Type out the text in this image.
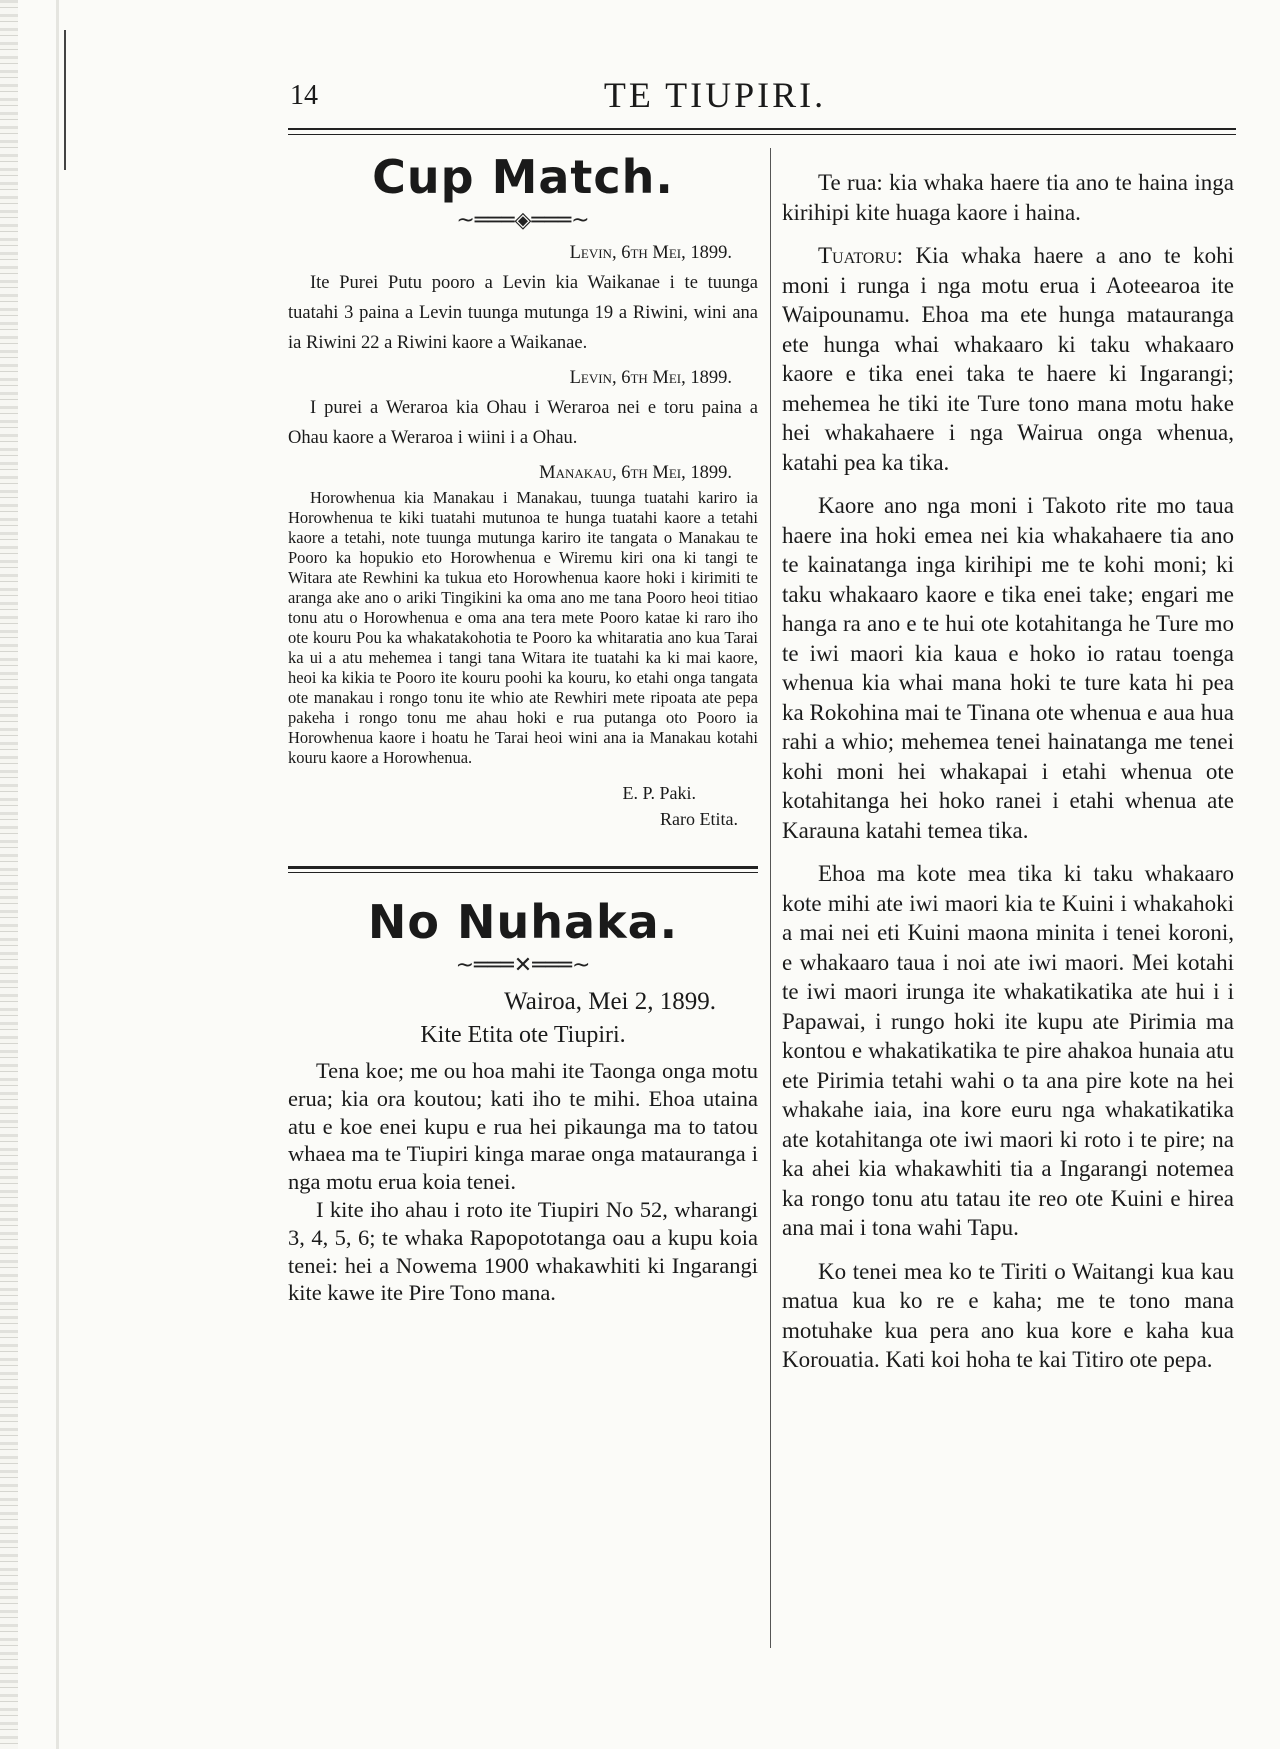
14	TE TIUPIRI.
Cup Match.
~═══◈═══~
Levin, 6th Mei, 1899.

Ite Purei Putu pooro a Levin kia Waikanae i te tuunga tuatahi 3 paina a Levin tuunga mutunga 19 a Riwini, wini ana ia Riwini 22 a Riwini kaore a Waikanae.

Levin, 6th Mei, 1899.

I purei a Weraroa kia Ohau i Weraroa nei e toru paina a Ohau kaore a Weraroa i wiini i a Ohau.

Manakau, 6th Mei, 1899.

Horowhenua kia Manakau i Manakau, tuunga tuatahi kariro ia Horowhenua te kiki tuatahi mutunoa te hunga tuatahi kaore a tetahi kaore a tetahi, note tuunga mutunga kariro ite tangata o Manakau te Pooro ka hopukio eto Horowhenua e Wiremu kiri ona ki tangi te Witara ate Rewhini ka tukua eto Horowhenua kaore hoki i kirimiti te aranga ake ano o ariki Tingikini ka oma ano me tana Pooro heoi titiao tonu atu o Horowhenua e oma ana tera mete Pooro katae ki raro iho ote kouru Pou ka whakatakohotia te Pooro ka whitaratia ano kua Tarai ka ui a atu mehemea i tangi tana Witara ite tuatahi ka ki mai kaore, heoi ka kikia te Pooro ite kouru poohi ka kouru, ko etahi onga tangata ote manakau i rongo tonu ite whio ate Rewhiri mete ripoata ate pepa pakeha i rongo tonu me ahau hoki e rua putanga oto Pooro ia Horowhenua kaore i hoatu he Tarai heoi wini ana ia Manakau kotahi kouru kaore a Horowhenua.

E. P. Paki.
Raro Etita.
No Nuhaka.
~═══✕═══~
Wairoa, Mei 2, 1899.
Kite Etita ote Tiupiri.

Tena koe; me ou hoa mahi ite Taonga onga motu erua; kia ora koutou; kati iho te mihi. Ehoa utaina atu e koe enei kupu e rua hei pikaunga ma to tatou whaea ma te Tiupiri kinga marae onga matauranga i nga motu erua koia tenei.

I kite iho ahau i roto ite Tiupiri No 52, wharangi 3, 4, 5, 6; te whaka Rapopototanga oau a kupu koia tenei: hei a Nowema 1900 whakawhiti ki Ingarangi kite kawe ite Pire Tono mana.

Te rua: kia whaka haere tia ano te haina inga kirihipi kite huaga kaore i haina.

Tuatoru: Kia whaka haere a ano te kohi moni i runga i nga motu erua i Aoteearoa ite Waipounamu. Ehoa ma ete hunga matauranga ete hunga whai whakaaro ki taku whakaaro kaore e tika enei taka te haere ki Ingarangi; mehemea he tiki ite Ture tono mana motu hake hei whakahaere i nga Wairua onga whenua, katahi pea ka tika.

Kaore ano nga moni i Takoto rite mo taua haere ina hoki emea nei kia whakahaere tia ano te kainatanga inga kirihipi me te kohi moni; ki taku whakaaro kaore e tika enei take; engari me hanga ra ano e te hui ote kotahitanga he Ture mo te iwi maori kia kaua e hoko io ratau toenga whenua kia whai mana hoki te ture kata hi pea ka Rokohina mai te Tinana ote whenua e aua hua rahi a whio; mehemea tenei hainatanga me tenei kohi moni hei whakapai i etahi whenua ote kotahitanga hei hoko ranei i etahi whenua ate Karauna katahi temea tika.

Ehoa ma kote mea tika ki taku whakaaro kote mihi ate iwi maori kia te Kuini i whakahoki a mai nei eti Kuini maona minita i tenei koroni, e whakaaro taua i noi ate iwi maori. Mei kotahi te iwi maori irunga ite whakatikatika ate hui i i Papawai, i rungo hoki ite kupu ate Pirimia ma kontou e whakatikatika te pire ahakoa hunaia atu ete Pirimia tetahi wahi o ta ana pire kote na hei whakahe iaia, ina kore euru nga whakatikatika ate kotahitanga ote iwi maori ki roto i te pire; na ka ahei kia whakawhiti tia a Ingarangi notemea ka rongo tonu atu tatau ite reo ote Kuini e hirea ana mai i tona wahi Tapu.

Ko tenei mea ko te Tiriti o Waitangi kua kau matua kua ko re e kaha; me te tono mana motuhake kua pera ano kua kore e kaha kua Korouatia. Kati koi hoha te kai Titiro ote pepa.
